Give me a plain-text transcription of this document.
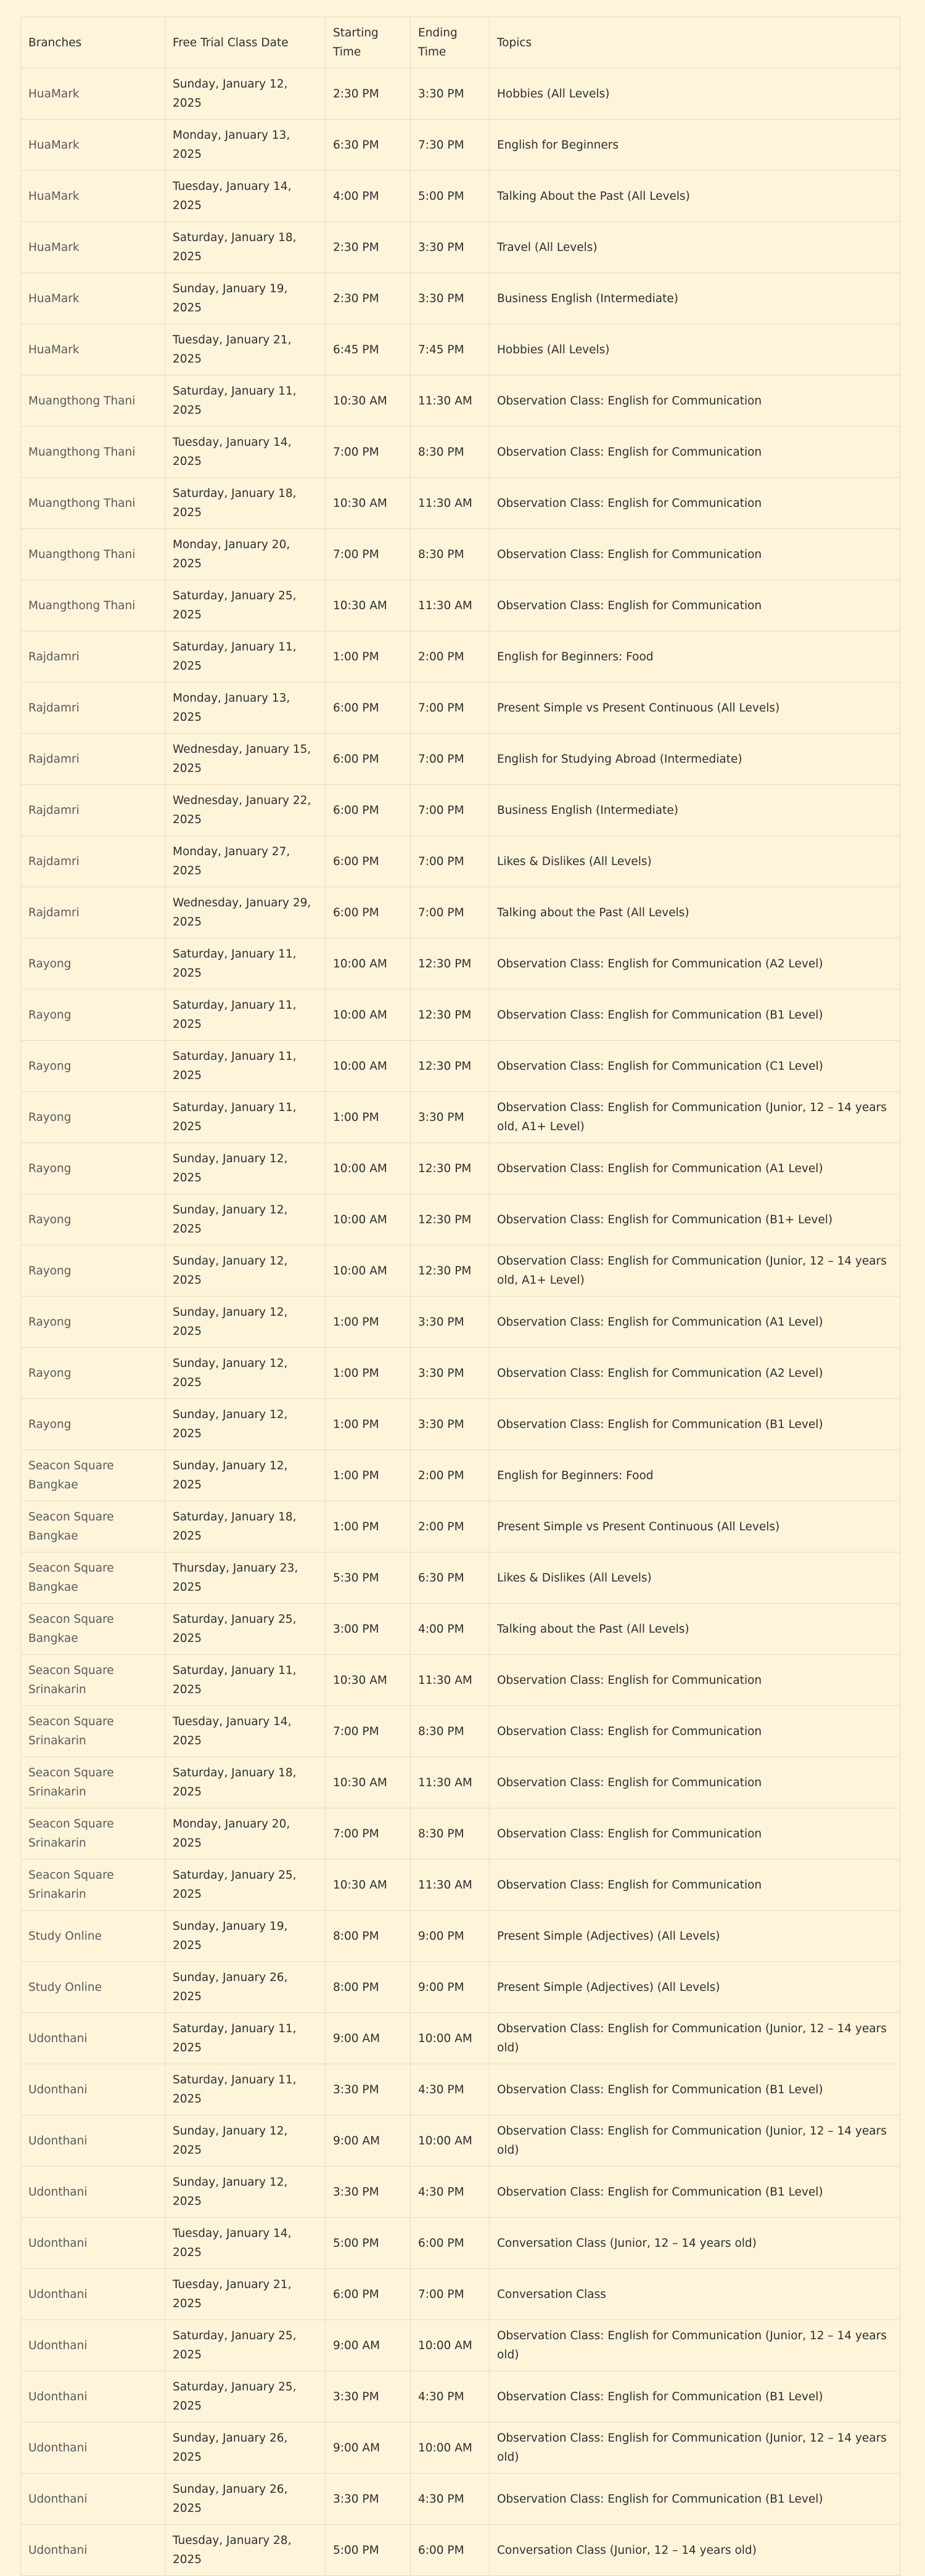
Branches	Free Trial Class Date	Starting Time	Ending Time	Topics
HuaMark	Sunday, January 12, 2025	2:30 PM	3:30 PM	Hobbies (All Levels)
HuaMark	Monday, January 13, 2025	6:30 PM	7:30 PM	English for Beginners
HuaMark	Tuesday, January 14, 2025	4:00 PM	5:00 PM	Talking About the Past (All Levels)
HuaMark	Saturday, January 18, 2025	2:30 PM	3:30 PM	Travel (All Levels)
HuaMark	Sunday, January 19, 2025	2:30 PM	3:30 PM	Business English (Intermediate)
HuaMark	Tuesday, January 21, 2025	6:45 PM	7:45 PM	Hobbies (All Levels)
Muangthong Thani	Saturday, January 11, 2025	10:30 AM	11:30 AM	Observation Class: English for Communication
Muangthong Thani	Tuesday, January 14, 2025	7:00 PM	8:30 PM	Observation Class: English for Communication
Muangthong Thani	Saturday, January 18, 2025	10:30 AM	11:30 AM	Observation Class: English for Communication
Muangthong Thani	Monday, January 20, 2025	7:00 PM	8:30 PM	Observation Class: English for Communication
Muangthong Thani	Saturday, January 25, 2025	10:30 AM	11:30 AM	Observation Class: English for Communication
Rajdamri	Saturday, January 11, 2025	1:00 PM	2:00 PM	English for Beginners: Food
Rajdamri	Monday, January 13, 2025	6:00 PM	7:00 PM	Present Simple vs Present Continuous (All Levels)
Rajdamri	Wednesday, January 15, 2025	6:00 PM	7:00 PM	English for Studying Abroad (Intermediate)
Rajdamri	Wednesday, January 22, 2025	6:00 PM	7:00 PM	Business English (Intermediate)
Rajdamri	Monday, January 27, 2025	6:00 PM	7:00 PM	Likes & Dislikes (All Levels)
Rajdamri	Wednesday, January 29, 2025	6:00 PM	7:00 PM	Talking about the Past (All Levels)
Rayong	Saturday, January 11, 2025	10:00 AM	12:30 PM	Observation Class: English for Communication (A2 Level)
Rayong	Saturday, January 11, 2025	10:00 AM	12:30 PM	Observation Class: English for Communication (B1 Level)
Rayong	Saturday, January 11, 2025	10:00 AM	12:30 PM	Observation Class: English for Communication (C1 Level)
Rayong	Saturday, January 11, 2025	1:00 PM	3:30 PM	Observation Class: English for Communication (Junior, 12 – 14 years old, A1+ Level)
Rayong	Sunday, January 12, 2025	10:00 AM	12:30 PM	Observation Class: English for Communication (A1 Level)
Rayong	Sunday, January 12, 2025	10:00 AM	12:30 PM	Observation Class: English for Communication (B1+ Level)
Rayong	Sunday, January 12, 2025	10:00 AM	12:30 PM	Observation Class: English for Communication (Junior, 12 – 14 years old, A1+ Level)
Rayong	Sunday, January 12, 2025	1:00 PM	3:30 PM	Observation Class: English for Communication (A1 Level)
Rayong	Sunday, January 12, 2025	1:00 PM	3:30 PM	Observation Class: English for Communication (A2 Level)
Rayong	Sunday, January 12, 2025	1:00 PM	3:30 PM	Observation Class: English for Communication (B1 Level)
Seacon Square Bangkae	Sunday, January 12, 2025	1:00 PM	2:00 PM	English for Beginners: Food
Seacon Square Bangkae	Saturday, January 18, 2025	1:00 PM	2:00 PM	Present Simple vs Present Continuous (All Levels)
Seacon Square Bangkae	Thursday, January 23, 2025	5:30 PM	6:30 PM	Likes & Dislikes (All Levels)
Seacon Square Bangkae	Saturday, January 25, 2025	3:00 PM	4:00 PM	Talking about the Past (All Levels)
Seacon Square Srinakarin	Saturday, January 11, 2025	10:30 AM	11:30 AM	Observation Class: English for Communication
Seacon Square Srinakarin	Tuesday, January 14, 2025	7:00 PM	8:30 PM	Observation Class: English for Communication
Seacon Square Srinakarin	Saturday, January 18, 2025	10:30 AM	11:30 AM	Observation Class: English for Communication
Seacon Square Srinakarin	Monday, January 20, 2025	7:00 PM	8:30 PM	Observation Class: English for Communication
Seacon Square Srinakarin	Saturday, January 25, 2025	10:30 AM	11:30 AM	Observation Class: English for Communication
Study Online	Sunday, January 19, 2025	8:00 PM	9:00 PM	Present Simple (Adjectives) (All Levels)
Study Online	Sunday, January 26, 2025	8:00 PM	9:00 PM	Present Simple (Adjectives) (All Levels)
Udonthani	Saturday, January 11, 2025	9:00 AM	10:00 AM	Observation Class: English for Communication (Junior, 12 – 14 years old)
Udonthani	Saturday, January 11, 2025	3:30 PM	4:30 PM	Observation Class: English for Communication (B1 Level)
Udonthani	Sunday, January 12, 2025	9:00 AM	10:00 AM	Observation Class: English for Communication (Junior, 12 – 14 years old)
Udonthani	Sunday, January 12, 2025	3:30 PM	4:30 PM	Observation Class: English for Communication (B1 Level)
Udonthani	Tuesday, January 14, 2025	5:00 PM	6:00 PM	Conversation Class (Junior, 12 – 14 years old)
Udonthani	Tuesday, January 21, 2025	6:00 PM	7:00 PM	Conversation Class
Udonthani	Saturday, January 25, 2025	9:00 AM	10:00 AM	Observation Class: English for Communication (Junior, 12 – 14 years old)
Udonthani	Saturday, January 25, 2025	3:30 PM	4:30 PM	Observation Class: English for Communication (B1 Level)
Udonthani	Sunday, January 26, 2025	9:00 AM	10:00 AM	Observation Class: English for Communication (Junior, 12 – 14 years old)
Udonthani	Sunday, January 26, 2025	3:30 PM	4:30 PM	Observation Class: English for Communication (B1 Level)
Udonthani	Tuesday, January 28, 2025	5:00 PM	6:00 PM	Conversation Class (Junior, 12 – 14 years old)
